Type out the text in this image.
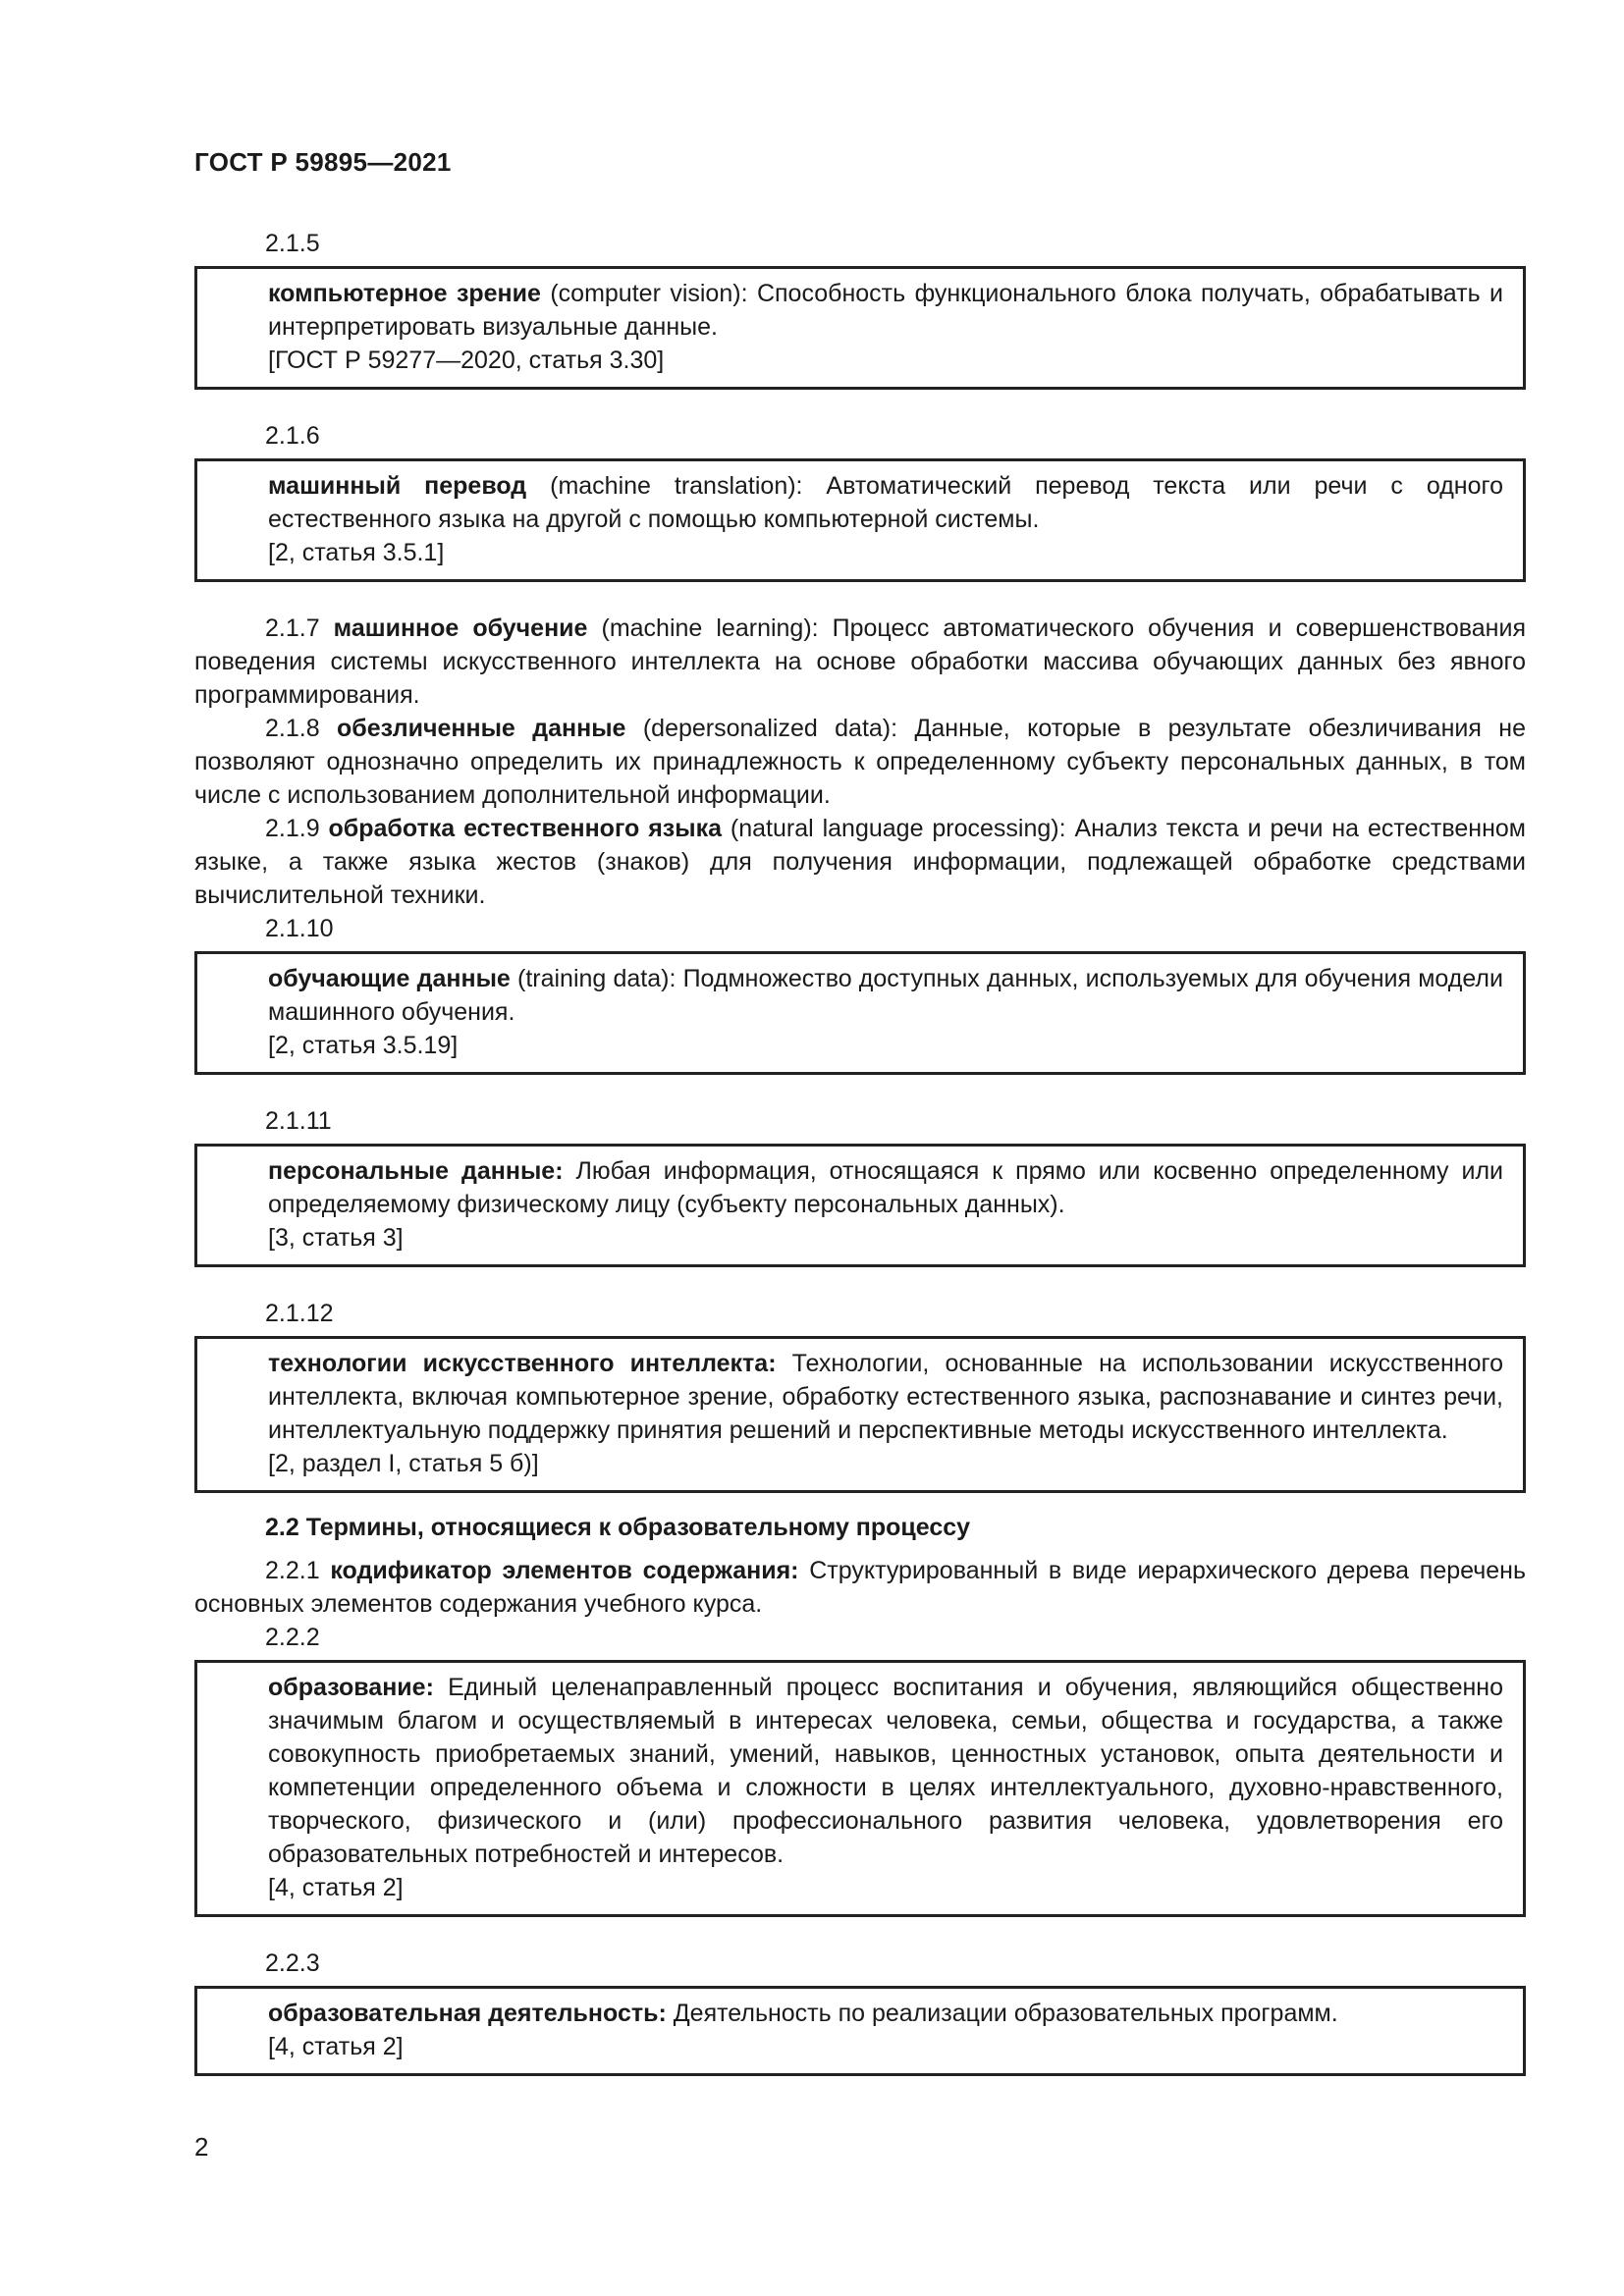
ГОСТ Р 59895—2021
2.1.5
компьютерное зрение (computer vision): Способность функционального блока получать, обрабатывать и интерпретировать визуальные данные.
[ГОСТ Р 59277—2020, статья 3.30]
2.1.6
машинный перевод (machine translation): Автоматический перевод текста или речи с одного естественного языка на другой с помощью компьютерной системы.
[2, статья 3.5.1]

2.1.7 машинное обучение (machine learning): Процесс автоматического обучения и совершенствования поведения системы искусственного интеллекта на основе обработки массива обучающих данных без явного программирования.

2.1.8 обезличенные данные (depersonalized data): Данные, которые в результате обезличивания не позволяют однозначно определить их принадлежность к определенному субъекту персональных данных, в том числе с использованием дополнительной информации.

2.1.9 обработка естественного языка (natural language processing): Анализ текста и речи на естественном языке, а также языка жестов (знаков) для получения информации, подлежащей обработке средствами вычислительной техники.

2.1.10
обучающие данные (training data): Подмножество доступных данных, используемых для обучения модели машинного обучения.
[2, статья 3.5.19]
2.1.11
персональные данные: Любая информация, относящаяся к прямо или косвенно определенному или определяемому физическому лицу (субъекту персональных данных).
[3, статья 3]
2.1.12
технологии искусственного интеллекта: Технологии, основанные на использовании искусственного интеллекта, включая компьютерное зрение, обработку естественного языка, распознавание и синтез речи, интеллектуальную поддержку принятия решений и перспективные методы искусственного интеллекта.
[2, раздел I, статья 5 б)]
2.2 Термины, относящиеся к образовательному процессу

2.2.1 кодификатор элементов содержания: Структурированный в виде иерархического дерева перечень основных элементов содержания учебного курса.

2.2.2
образование: Единый целенаправленный процесс воспитания и обучения, являющийся общественно значимым благом и осуществляемый в интересах человека, семьи, общества и государства, а также совокупность приобретаемых знаний, умений, навыков, ценностных установок, опыта деятельности и компетенции определенного объема и сложности в целях интеллектуального, духовно-нравственного, творческого, физического и (или) профессионального развития человека, удовлетворения его образовательных потребностей и интересов.
[4, статья 2]
2.2.3
образовательная деятельность: Деятельность по реализации образовательных программ.
[4, статья 2]
2
